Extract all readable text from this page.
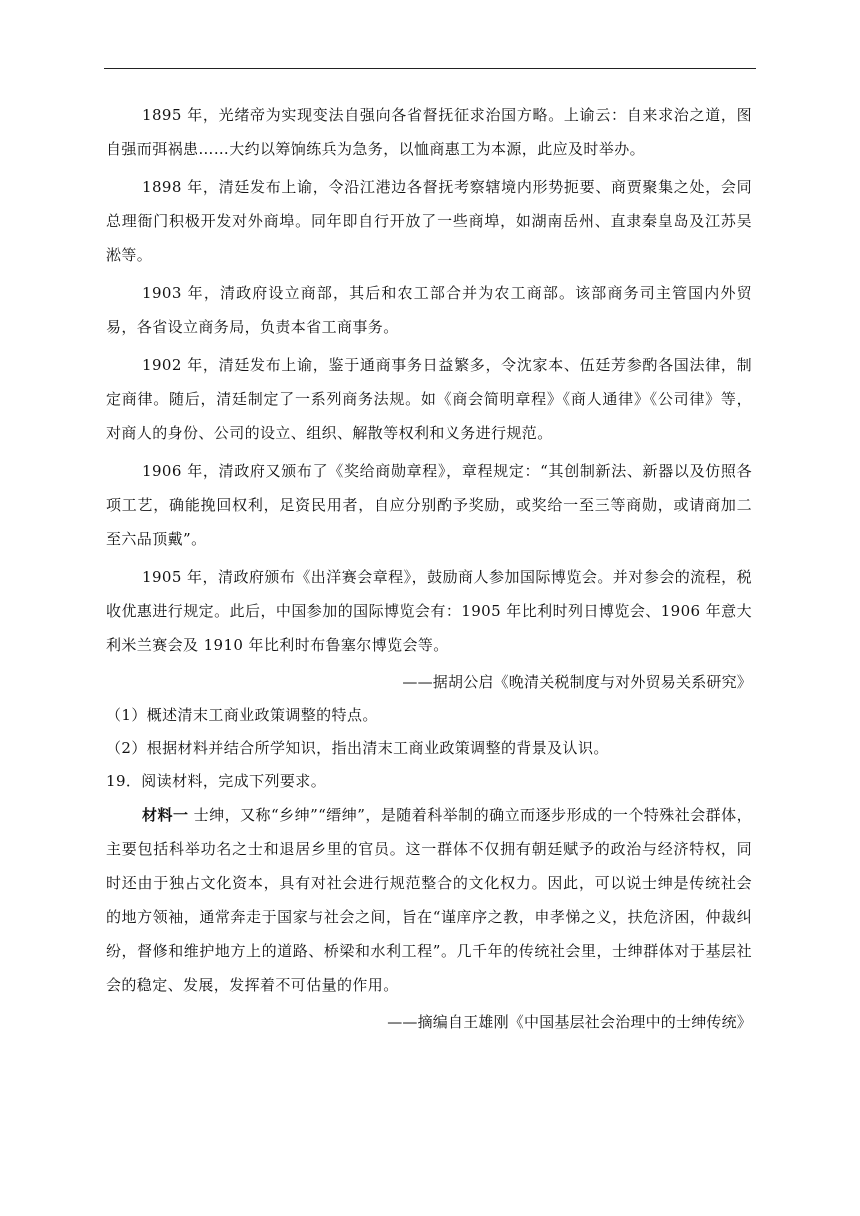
1895 年，光绪帝为实现变法自强向各省督抚征求治国方略。上谕云：自来求治之道，图自强而弭祸患……大约以筹饷练兵为急务，以恤商惠工为本源，此应及时举办。

1898 年，清廷发布上谕，令沿江港边各督抚考察辖境内形势扼要、商贾聚集之处，会同总理衙门积极开发对外商埠。同年即自行开放了一些商埠，如湖南岳州、直隶秦皇岛及江苏吴淞等。

1903 年，清政府设立商部，其后和农工部合并为农工商部。该部商务司主管国内外贸易，各省设立商务局，负责本省工商事务。

1902 年，清廷发布上谕，鉴于通商事务日益繁多，令沈家本、伍廷芳参酌各国法律，制定商律。随后，清廷制定了一系列商务法规。如《商会简明章程》《商人通律》《公司律》等，对商人的身份、公司的设立、组织、解散等权利和义务进行规范。

1906 年，清政府又颁布了《奖给商勋章程》，章程规定：“其创制新法、新器以及仿照各项工艺，确能挽回权利，足资民用者，自应分别酌予奖励，或奖给一至三等商勋，或请商加二至六品顶戴”。

1905 年，清政府颁布《出洋赛会章程》，鼓励商人参加国际博览会。并对参会的流程，税收优惠进行规定。此后，中国参加的国际博览会有：1905 年比利时列日博览会、1906 年意大利米兰赛会及 1910 年比利时布鲁塞尔博览会等。

——据胡公启《晚清关税制度与对外贸易关系研究》

（1）概述清末工商业政策调整的特点。

（2）根据材料并结合所学知识，指出清末工商业政策调整的背景及认识。

19．阅读材料，完成下列要求。

材料一 士绅，又称“乡绅”“缙绅”，是随着科举制的确立而逐步形成的一个特殊社会群体，主要包括科举功名之士和退居乡里的官员。这一群体不仅拥有朝廷赋予的政治与经济特权，同时还由于独占文化资本，具有对社会进行规范整合的文化权力。因此，可以说士绅是传统社会的地方领袖，通常奔走于国家与社会之间，旨在“谨庠序之教，申孝悌之义，扶危济困，仲裁纠纷，督修和维护地方上的道路、桥梁和水利工程”。几千年的传统社会里，士绅群体对于基层社会的稳定、发展，发挥着不可估量的作用。

——摘编自王雄刚《中国基层社会治理中的士绅传统》
